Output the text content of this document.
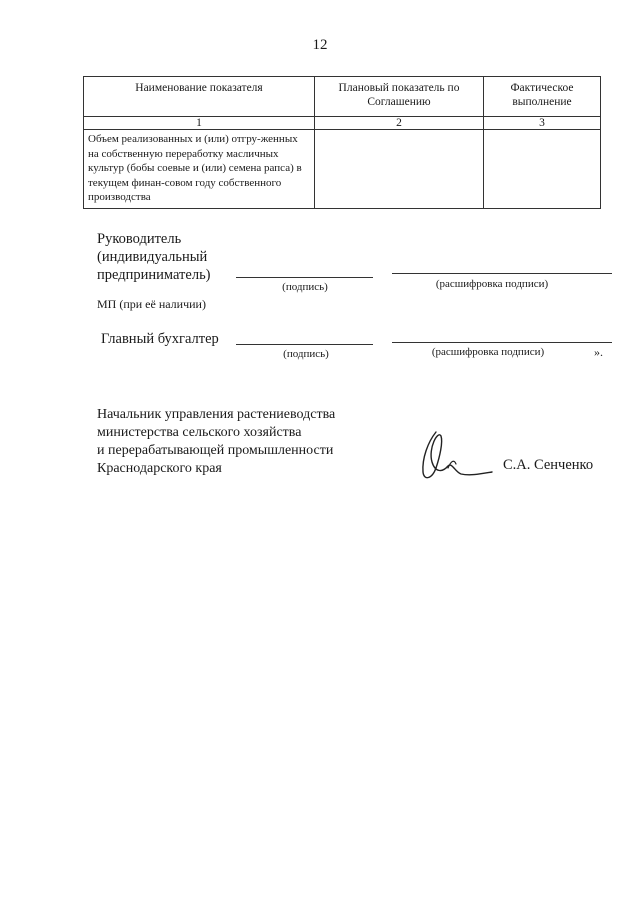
12
Наименование показателя	Плановый показатель по Соглашению	Фактическое выполнение
1	2	3
Объем реализованных и (или) отгру-женных на собственную переработку масличных культур (бобы соевые и (или) семена рапса) в текущем финан-совом году собственного производства		
Руководитель
(индивидуальный
предприниматель)
(подпись)	(расшифровка подписи)
МП (при её наличии)
Главный бухгалтер
(подпись)	(расшифровка подписи)	».
Начальник управления растениеводства
министерства сельского хозяйства
и перерабатывающей промышленности
Краснодарского края	С.А. Сенченко
